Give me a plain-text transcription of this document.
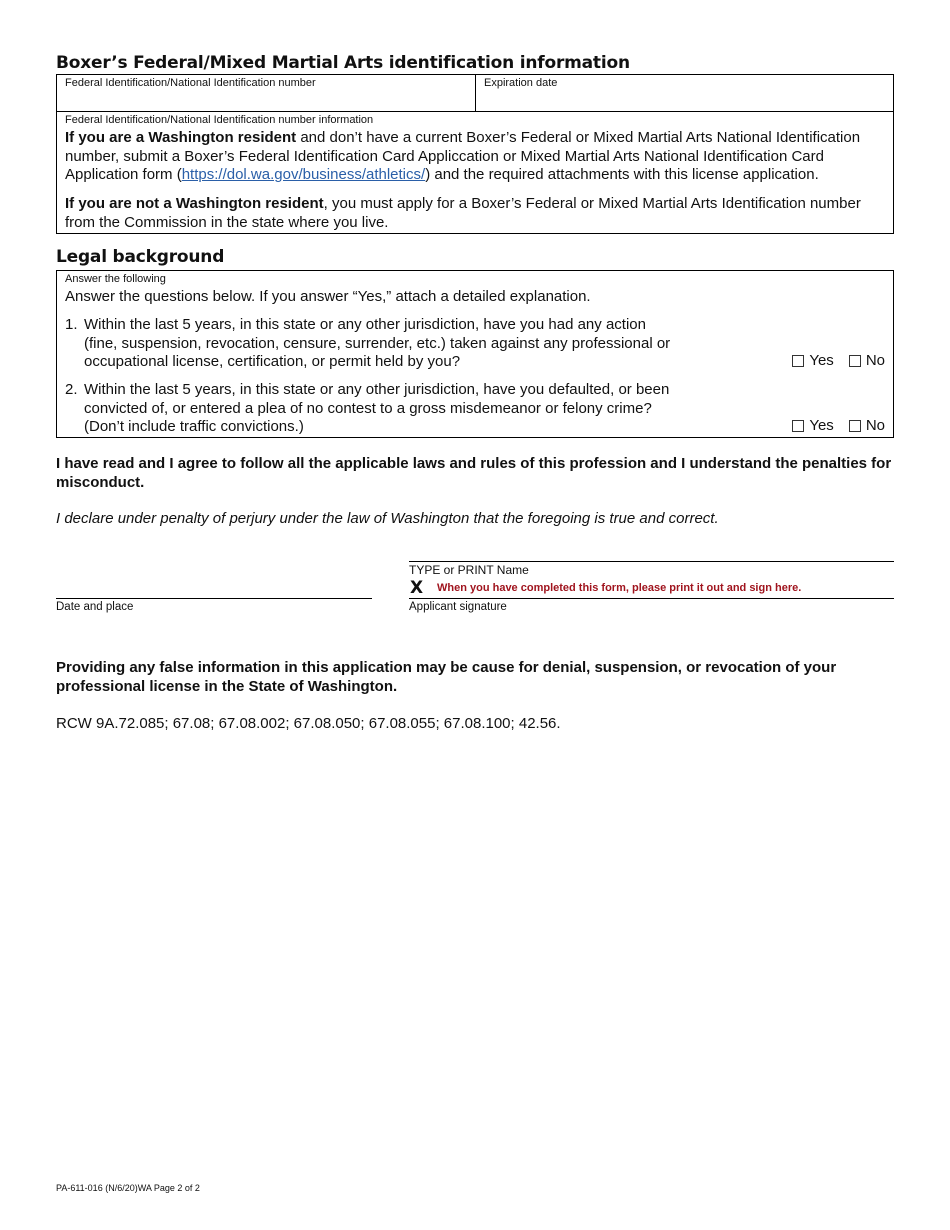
Boxer’s Federal/Mixed Martial Arts identification information
Federal Identification/National Identification number	Expiration date
Federal Identification/National Identification number information
If you are a Washington resident and don’t have a current Boxer’s Federal or Mixed Martial Arts National Identification number, submit a Boxer’s Federal Identification Card Appliccation or Mixed Martial Arts National Identification Card Application form (https://dol.wa.gov/business/athletics/) and the required attachments with this license application.
If you are not a Washington resident, you must apply for a Boxer’s Federal or Mixed Martial Arts Identification number from the Commission in the state where you live.
Legal background
Answer the following
Answer the questions below. If you answer “Yes,” attach a detailed explanation.
1. Within the last 5 years, in this state or any other jurisdiction, have you had any action
(fine, suspension, revocation, censure, surrender, etc.) taken against any professional or
occupational license, certification, or permit held by you?	Yes No
2. Within the last 5 years, in this state or any other jurisdiction, have you defaulted, or been
convicted of, or entered a plea of no contest to a gross misdemeanor or felony crime?
(Don’t include traffic convictions.)	Yes No
I have read and I agree to follow all the applicable laws and rules of this profession and I understand the penalties for misconduct.
I declare under penalty of perjury under the law of Washington that the foregoing is true and correct.
TYPE or PRINT Name
X When you have completed this form, please print it out and sign here.
Date and place	Applicant signature
Providing any false information in this application may be cause for denial, suspension, or revocation of your professional license in the State of Washington.
RCW 9A.72.085; 67.08; 67.08.002; 67.08.050; 67.08.055; 67.08.100; 42.56.
PA-611-016 (N/6/20)WA Page 2 of 2
